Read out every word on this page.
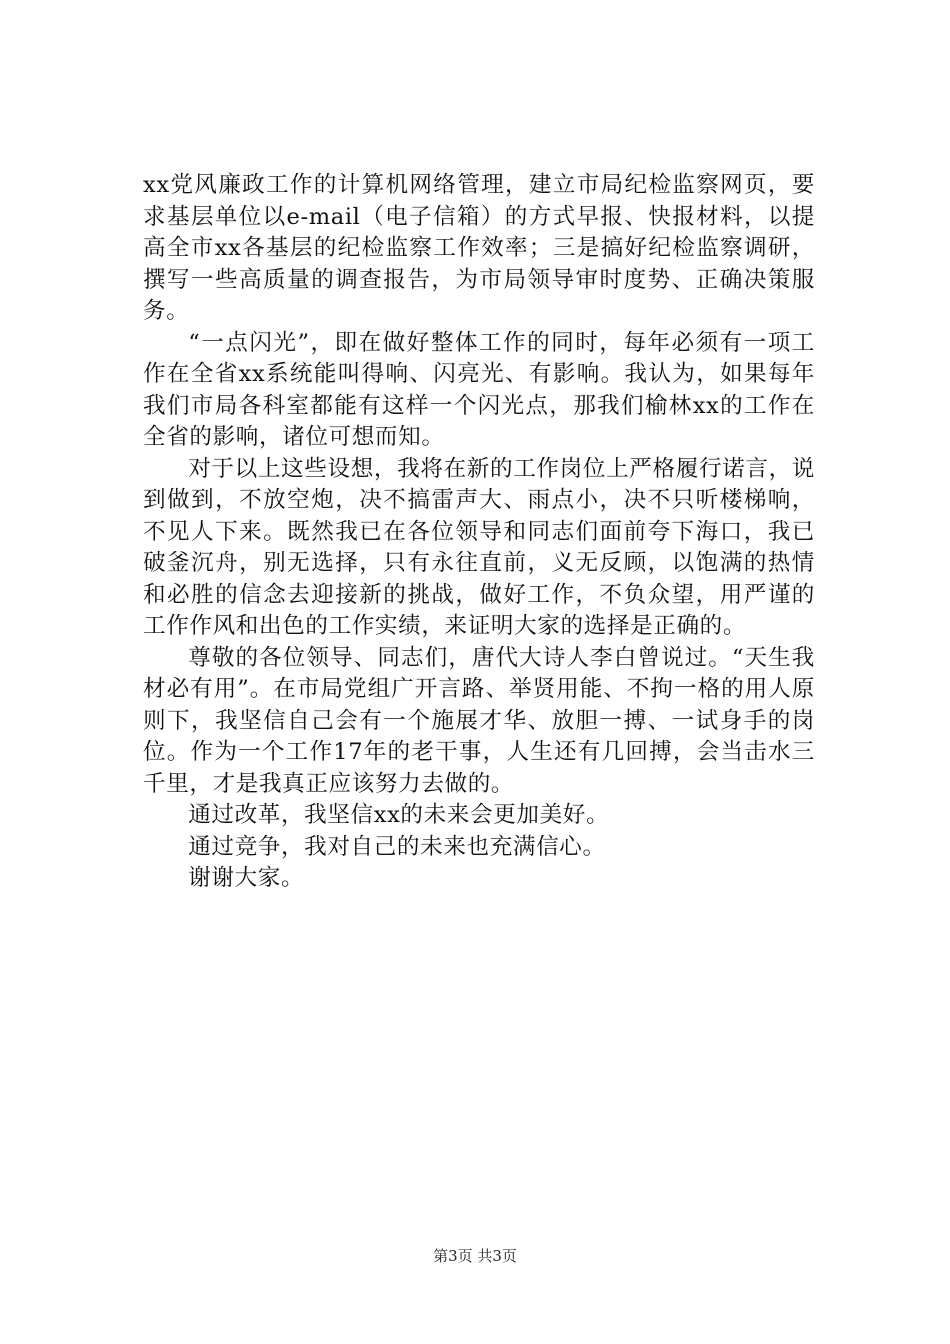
xx党风廉政工作的计算机网络管理，建立市局纪检监察网页，要求基层单位以e-mail（电子信箱）的方式早报、快报材料，以提高全市xx各基层的纪检监察工作效率；三是搞好纪检监察调研，撰写一些高质量的调查报告，为市局领导审时度势、正确决策服务。

“一点闪光”，即在做好整体工作的同时，每年必须有一项工作在全省xx系统能叫得响、闪亮光、有影响。我认为，如果每年我们市局各科室都能有这样一个闪光点，那我们榆林xx的工作在全省的影响，诸位可想而知。

对于以上这些设想，我将在新的工作岗位上严格履行诺言，说到做到，不放空炮，决不搞雷声大、雨点小，决不只听楼梯响，不见人下来。既然我已在各位领导和同志们面前夸下海口，我已破釜沉舟，别无选择，只有永往直前，义无反顾，以饱满的热情和必胜的信念去迎接新的挑战，做好工作，不负众望，用严谨的工作作风和出色的工作实绩，来证明大家的选择是正确的。

尊敬的各位领导、同志们，唐代大诗人李白曾说过。“天生我材必有用”。在市局党组广开言路、举贤用能、不拘一格的用人原则下，我坚信自己会有一个施展才华、放胆一搏、一试身手的岗位。作为一个工作17年的老干事，人生还有几回搏，会当击水三千里，才是我真正应该努力去做的。

通过改革，我坚信xx的未来会更加美好。

通过竞争，我对自己的未来也充满信心。

谢谢大家。

第3页 共3页
